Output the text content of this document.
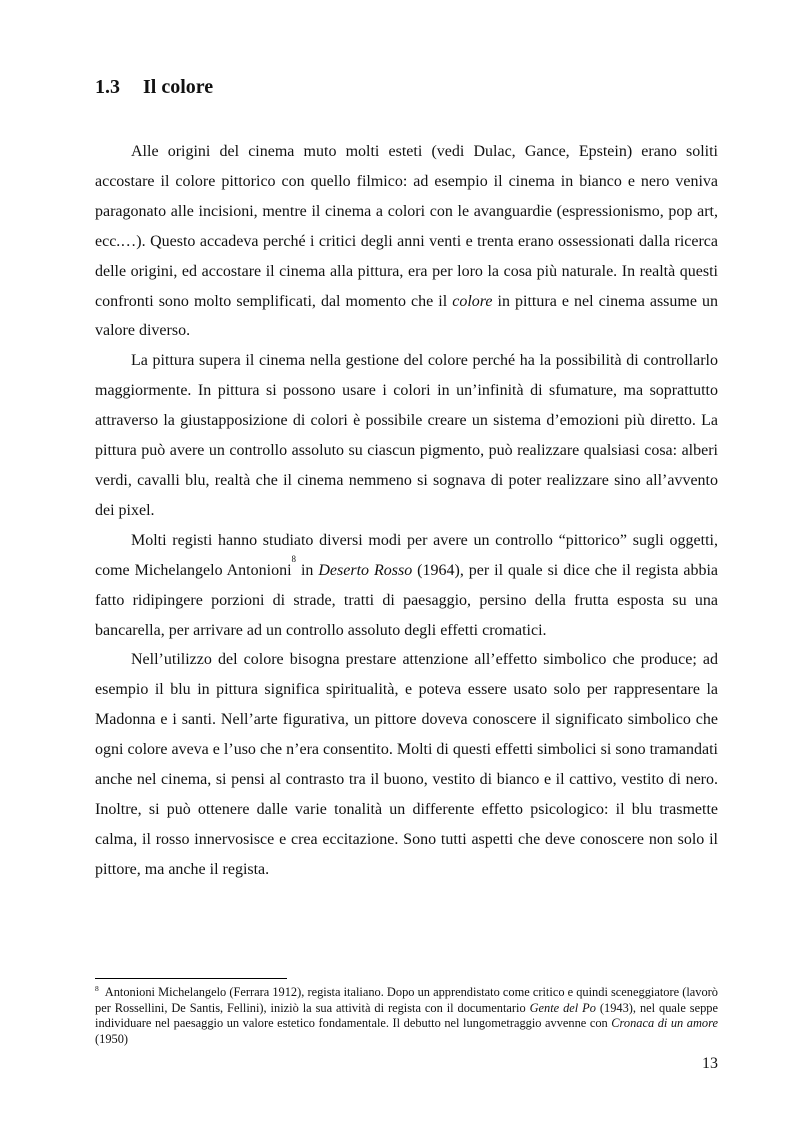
1.3 Il colore

Alle origini del cinema muto molti esteti (vedi Dulac, Gance, Epstein) erano soliti accostare il colore pittorico con quello filmico: ad esempio il cinema in bianco e nero veniva paragonato alle incisioni, mentre il cinema a colori con le avanguardie (espressionismo, pop art, ecc.…). Questo accadeva perché i critici degli anni venti e trenta erano ossessionati dalla ricerca delle origini, ed accostare il cinema alla pittura, era per loro la cosa più naturale. In realtà questi confronti sono molto semplificati, dal momento che il colore in pittura e nel cinema assume un valore diverso.

La pittura supera il cinema nella gestione del colore perché ha la possibilità di controllarlo maggiormente. In pittura si possono usare i colori in un’infinità di sfumature, ma soprattutto attraverso la giustapposizione di colori è possibile creare un sistema d’emozioni più diretto. La pittura può avere un controllo assoluto su ciascun pigmento, può realizzare qualsiasi cosa: alberi verdi, cavalli blu, realtà che il cinema nemmeno si sognava di poter realizzare sino all’avvento dei pixel.

Molti registi hanno studiato diversi modi per avere un controllo “pittorico” sugli oggetti, come Michelangelo Antonioni$^8$ in Deserto Rosso (1964), per il quale si dice che il regista abbia fatto ridipingere porzioni di strade, tratti di paesaggio, persino della frutta esposta su una bancarella, per arrivare ad un controllo assoluto degli effetti cromatici.

Nell’utilizzo del colore bisogna prestare attenzione all’effetto simbolico che produce; ad esempio il blu in pittura significa spiritualità, e poteva essere usato solo per rappresentare la Madonna e i santi. Nell’arte figurativa, un pittore doveva conoscere il significato simbolico che ogni colore aveva e l’uso che n’era consentito. Molti di questi effetti simbolici si sono tramandati anche nel cinema, si pensi al contrasto tra il buono, vestito di bianco e il cattivo, vestito di nero. Inoltre, si può ottenere dalle varie tonalità un differente effetto psicologico: il blu trasmette calma, il rosso innervosisce e crea eccitazione. Sono tutti aspetti che deve conoscere non solo il pittore, ma anche il regista.

$^8$ Antonioni Michelangelo (Ferrara 1912), regista italiano. Dopo un apprendistato come critico e quindi sceneggiatore (lavorò per Rossellini, De Santis, Fellini), iniziò la sua attività di regista con il documentario Gente del Po (1943), nel quale seppe individuare nel paesaggio un valore estetico fondamentale. Il debutto nel lungometraggio avvenne con Cronaca di un amore (1950)

13
